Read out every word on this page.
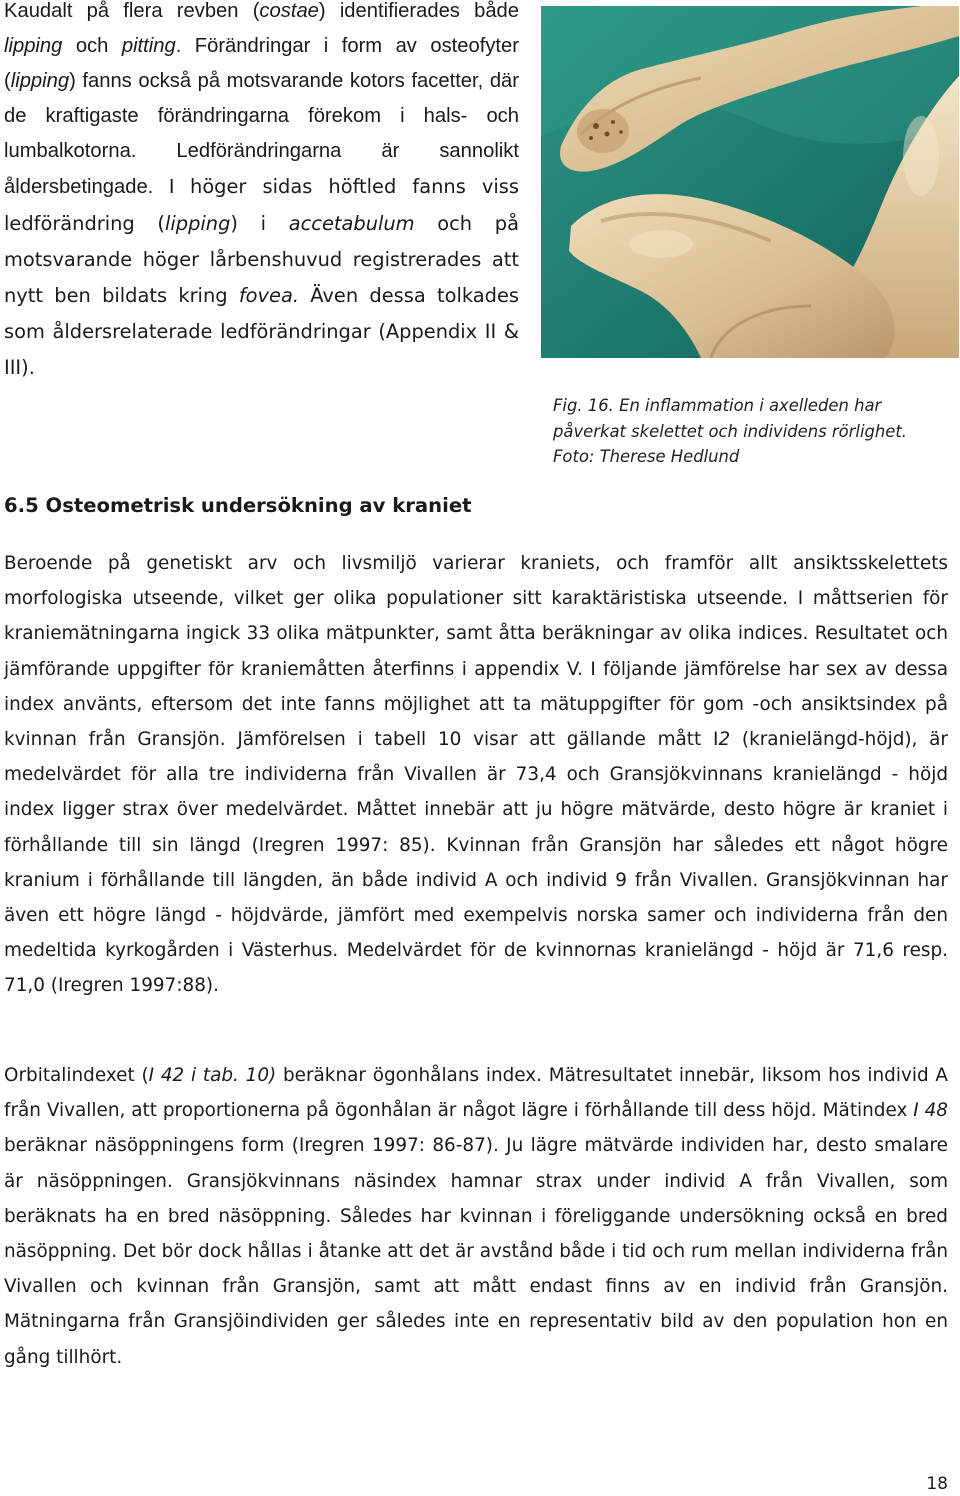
Kaudalt på flera revben (costae) identifierades både lipping och pitting. Förändringar i form av osteofyter (lipping) fanns också på motsvarande kotors facetter, där de kraftigaste förändringarna förekom i hals- och lumbalkotorna. Ledförändringarna är sannolikt åldersbetingade. I höger sidas höftled fanns viss ledförändring (lipping) i accetabulum och på motsvarande höger lårbenshuvud registrerades att nytt ben bildats kring fovea. Även dessa tolkades som åldersrelaterade ledförändringar (Appendix II & III).
Fig. 16. En inflammation i axelleden har
påverkat skelettet och individens rörlighet.
Foto: Therese Hedlund
6.5 Osteometrisk undersökning av kraniet
Beroende på genetiskt arv och livsmiljö varierar kraniets, och framför allt ansiktsskelettets morfologiska utseende, vilket ger olika populationer sitt karaktäristiska utseende. I måttserien för kraniemätningarna ingick 33 olika mätpunkter, samt åtta beräkningar av olika indices. Resultatet och jämförande uppgifter för kraniemåtten återfinns i appendix V. I följande jämförelse har sex av dessa index använts, eftersom det inte fanns möjlighet att ta mätuppgifter för gom -och ansiktsindex på kvinnan från Gransjön. Jämförelsen i tabell 10 visar att gällande mått I2 (kranielängd-höjd), är medelvärdet för alla tre individerna från Vivallen är 73,4 och Gransjökvinnans kranielängd - höjd index ligger strax över medelvärdet. Måttet innebär att ju högre mätvärde, desto högre är kraniet i förhållande till sin längd (Iregren 1997: 85). Kvinnan från Gransjön har således ett något högre kranium i förhållande till längden, än både individ A och individ 9 från Vivallen. Gransjökvinnan har även ett högre längd - höjdvärde, jämfört med exempelvis norska samer och individerna från den medeltida kyrkogården i Västerhus. Medelvärdet för de kvinnornas kranielängd - höjd är 71,6 resp. 71,0 (Iregren 1997:88).
Orbitalindexet (I 42 i tab. 10) beräknar ögonhålans index. Mätresultatet innebär, liksom hos individ A från Vivallen, att proportionerna på ögonhålan är något lägre i förhållande till dess höjd. Mätindex I 48 beräknar näsöppningens form (Iregren 1997: 86-87). Ju lägre mätvärde individen har, desto smalare är näsöppningen. Gransjökvinnans näsindex hamnar strax under individ A från Vivallen, som beräknats ha en bred näsöppning. Således har kvinnan i föreliggande undersökning också en bred näsöppning. Det bör dock hållas i åtanke att det är avstånd både i tid och rum mellan individerna från Vivallen och kvinnan från Gransjön, samt att mått endast finns av en individ från Gransjön. Mätningarna från Gransjöindividen ger således inte en representativ bild av den population hon en gång tillhört.
18
